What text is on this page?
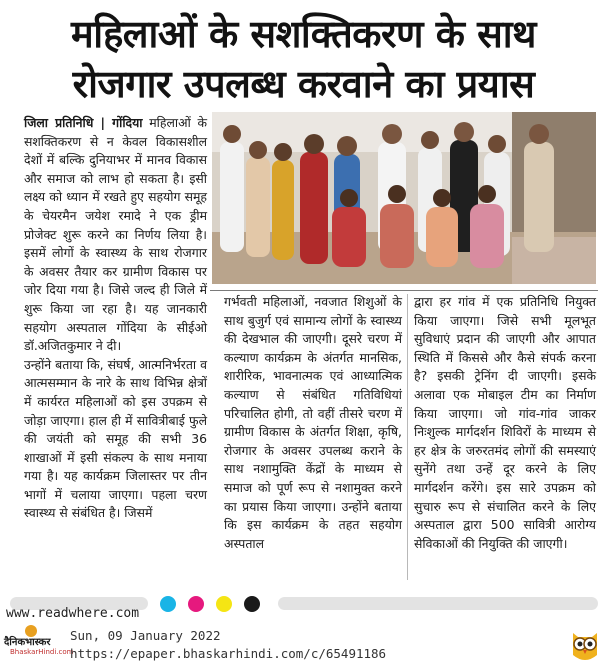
महिलाओं के सशक्तिकरण के साथ
रोजगार उपलब्ध करवाने का प्रयास

जिला प्रतिनिधि | गोंदिया महिलाओं के सशक्तिकरण से न केवल विकासशील देशों में बल्कि दुनियाभर में मानव विकास और समाज को लाभ हो सकता है। इसी लक्ष्य को ध्यान में रखते हुए सहयोग समूह के चेयरमैन जयेश रमादे ने एक ड्रीम प्रोजेक्ट शुरू करने का निर्णय लिया है। इसमें लोगों के स्वास्थ्य के साथ रोजगार के अवसर तैयार कर ग्रामीण विकास पर जोर दिया गया है। जिसे जल्द ही जिले में शुरू किया जा रहा है। यह जानकारी सहयोग अस्पताल गोंदिया के सीईओ डॉ.अजितकुमार ने दी।

उन्होंने बताया कि, संघर्ष, आत्मनिर्भरता व आत्मसम्मान के नारे के साथ विभिन्न क्षेत्रों में कार्यरत महिलाओं को इस उपक्रम से जोड़ा जाएगा। हाल ही में सावित्रीबाई फुले की जयंती को समूह की सभी 36 शाखाओं में इसी संकल्प के साथ मनाया गया है। यह कार्यक्रम जिलास्तर पर तीन भागों में चलाया जाएगा। पहला चरण स्वास्थ्य से संबंधित है। जिसमें

गर्भवती महिलाओं, नवजात शिशुओं के साथ बुजुर्ग एवं सामान्य लोगों के स्वास्थ्य की देखभाल की जाएगी। दूसरे चरण में कल्याण कार्यक्रम के अंतर्गत मानसिक, शारीरिक, भावनात्मक एवं आध्यात्मिक कल्याण से संबंधित गतिविधियां परिचालित होगी, तो वहीं तीसरे चरण में ग्रामीण विकास के अंतर्गत शिक्षा, कृषि, रोजगार के अवसर उपलब्ध कराने के साथ नशामुक्ति केंद्रों के माध्यम से समाज को पूर्ण रूप से नशामुक्त करने का प्रयास किया जाएगा। उन्होंने बताया कि इस कार्यक्रम के तहत सहयोग अस्पताल

द्वारा हर गांव में एक प्रतिनिधि नियुक्त किया जाएगा। जिसे सभी मूलभूत सुविधाएं प्रदान की जाएगी और आपात स्थिति में किससे और कैसे संपर्क करना है? इसकी ट्रेनिंग दी जाएगी। इसके अलावा एक मोबाइल टीम का निर्माण किया जाएगा। जो गांव-गांव जाकर निःशुल्क मार्गदर्शन शिविरों के माध्यम से हर क्षेत्र के जरुरतमंद लोगों की समस्याएं सुनेंगे तथा उन्हें दूर करने के लिए मार्गदर्शन करेंगे। इस सारे उपक्रम को सुचारु रूप से संचालित करने के लिए अस्पताल द्वारा 500 सावित्री आरोग्य सेविकाओं की नियुक्ति की जाएगी।

www.readwhere.com
दैनिकभास्कर
BhaskarHindi.com
Sun, 09 January 2022
https://epaper.bhaskarhindi.com/c/65491186
